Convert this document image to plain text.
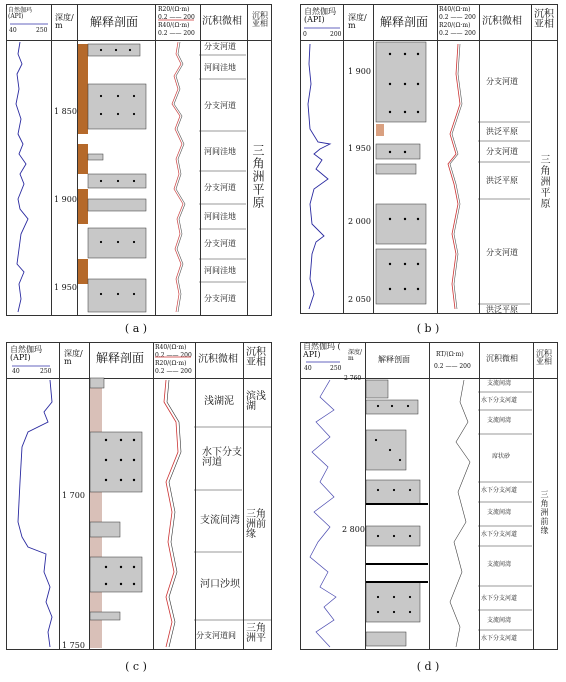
自然伽玛
(API)
40	250
深度/
m	解释剖面
R20/(Ω·m)
0.2 —— 200
R40/(Ω·m)
0.2 —— 200
沉积微相
沉积
亚相
1 850
1 900
1 950
分支河道
河间洼地
分支河道
河间洼地
分支河道
河间洼地
分支河道
河间洼地
分支河道
三角洲平原
( a )
自然伽玛
(API)
0	200
深度/
m	解释剖面
R40/(Ω·m)
0.2 —— 200
R20/(Ω·m)
0.2 —— 200
沉积微相
沉积
亚相
1 900
1 950
2 000
2 050
分支河道
洪泛平原
分支河道
洪泛平原
分支河道
洪泛平原
三角洲平原
( b )
自然伽玛
(API)
40	250
深度/
m	解释剖面
R40/(Ω·m)
0.2 —— 200
R20/(Ω·m)
0.2 —— 200
沉积微相
沉积
亚相
1 700
1 750
浅湖泥
水下分支
河道
支流间湾
河口沙坝
分支河道间
滨浅
湖
三角
洲前
缘
三角
洲平
( c )
自然伽玛 (
API)
40	250
深度/
m	解释剖面
RT/(Ω·m)
0.2 —— 200
沉积微相
沉积
亚相
2 760
2 800
支流间湾
水下分支河道
支流间湾
席状砂
水下分支河道
支流间湾
水下分支河道
支流间湾
水下分支河道
支流间湾
水下分支河道
三角洲前缘
( d )
